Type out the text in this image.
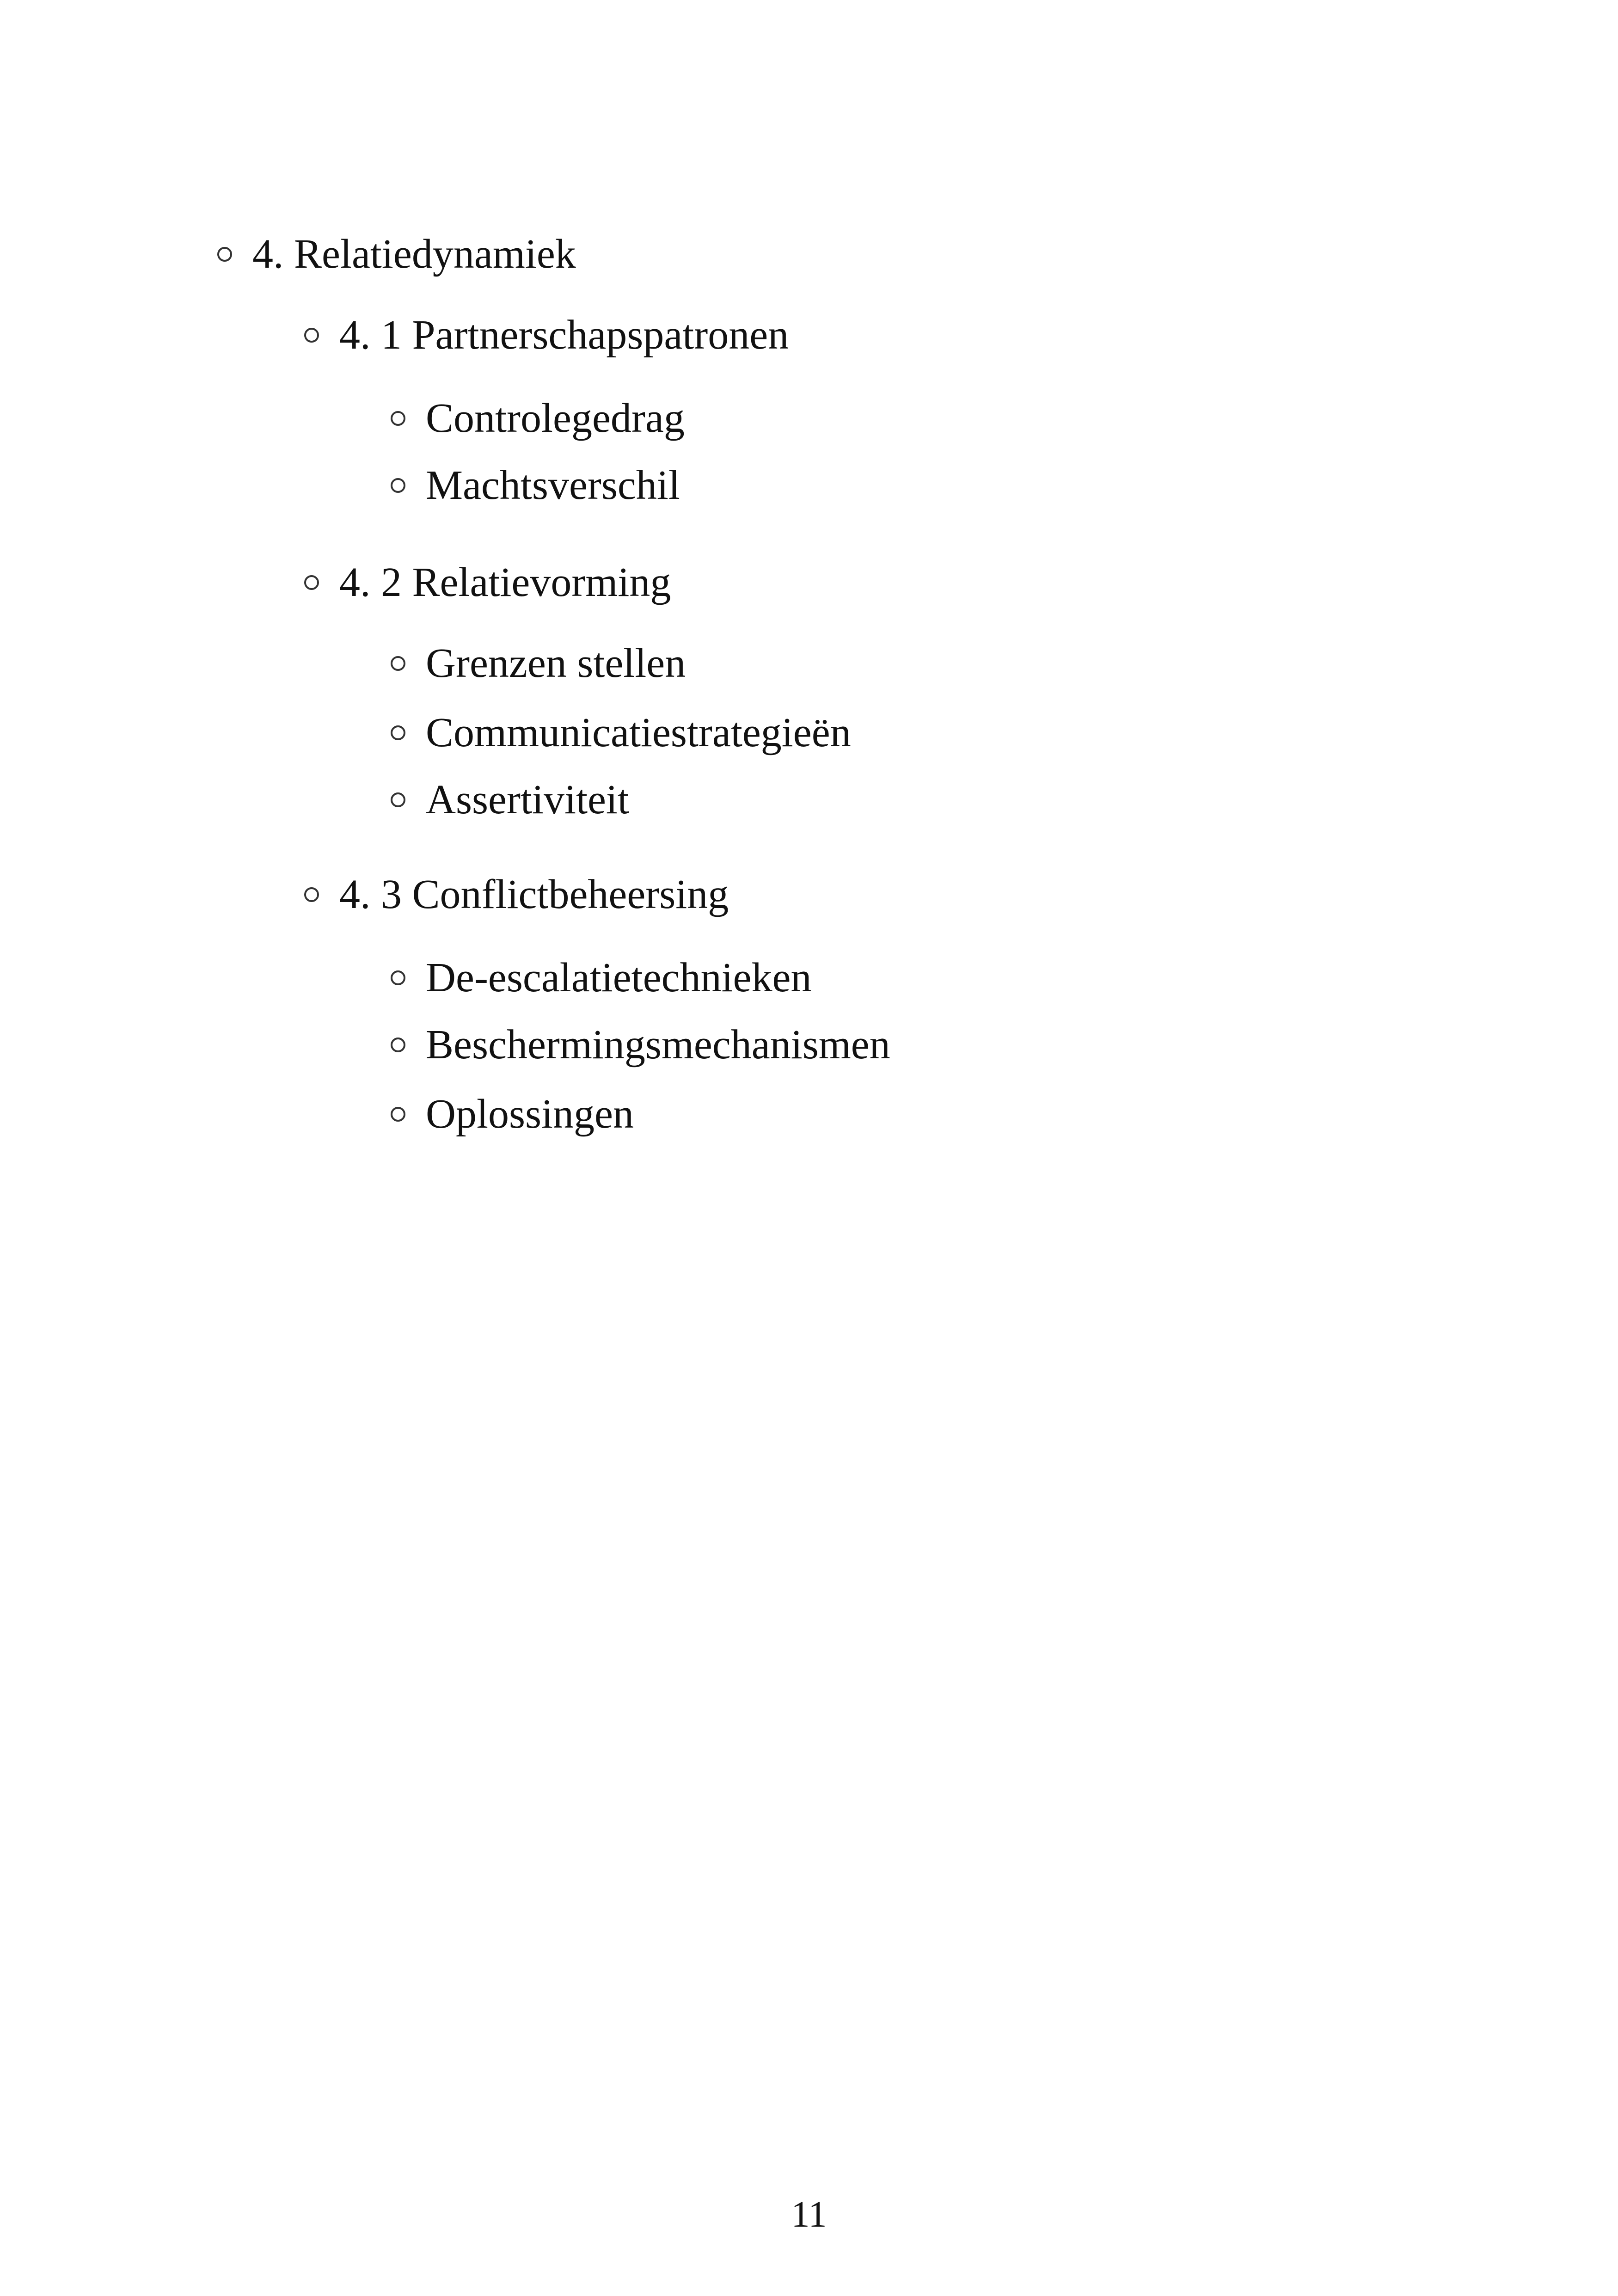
4. Relatiedynamiek
4. 1 Partnerschapspatronen
Controlegedrag
Machtsverschil
4. 2 Relatievorming
Grenzen stellen
Communicatiestrategieën
Assertiviteit
4. 3 Conflictbeheersing
De-escalatietechnieken
Beschermingsmechanismen
Oplossingen
11
